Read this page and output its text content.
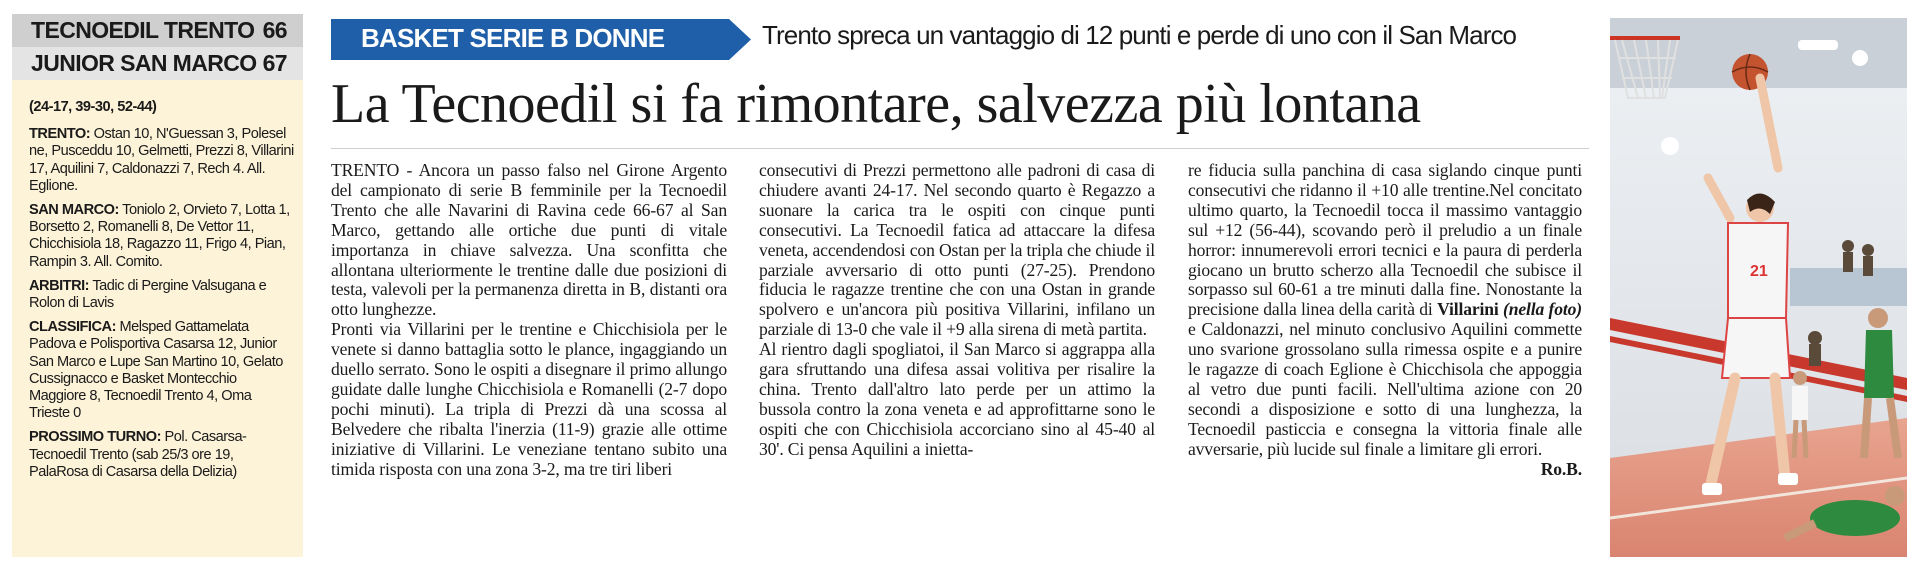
TECNOEDIL TRENTO 66
JUNIOR SAN MARCO 67

(24-17, 39-30, 52-44)

TRENTO: Ostan 10, N'Guessan 3, Polesel ne, Pusceddu 10, Gelmetti, Prezzi 8, Villarini 17, Aquilini 7, Caldonazzi 7, Rech 4. All. Eglione.

SAN MARCO: Toniolo 2, Orvieto 7, Lotta 1, Borsetto 2, Romanelli 8, De Vettor 11, Chicchisiola 18, Ragazzo 11, Frigo 4, Pian, Rampin 3. All. Comito.

ARBITRI: Tadic di Pergine Valsugana e Rolon di Lavis

CLASSIFICA: Melsped Gattamelata Padova e Polisportiva Casarsa 12, Junior San Marco e Lupe San Martino 10, Gelato Cussignacco e Basket Montecchio Maggiore 8, Tecnoedil Trento 4, Oma Trieste 0

PROSSIMO TURNO: Pol. Casarsa-Tecnoedil Trento (sab 25/3 ore 19, PalaRosa di Casarsa della Delizia)

BASKET SERIE B DONNE	Trento spreca un vantaggio di 12 punti e perde di uno con il San Marco
La Tecnoedil si fa rimontare, salvezza più lontana

TRENTO - Ancora un passo falso nel Girone Argento del campionato di serie B femminile per la Tecnoedil Trento che alle Navarini di Ravina cede 66-67 al San Marco, gettando alle ortiche due punti di vitale importanza in chiave salvezza. Una sconfitta che allontana ulteriormente le trentine dalle due posizioni di testa, valevoli per la permanenza diretta in B, distanti ora otto lunghezze.

Pronti via Villarini per le trentine e Chicchisiola per le venete si danno battaglia sotto le plance, ingaggiando un duello serrato. Sono le ospiti a disegnare il primo allungo guidate dalle lunghe Chicchisiola e Romanelli (2-7 dopo pochi minuti). La tripla di Prezzi dà una scossa al Belvedere che ribalta l'inerzia (11-9) grazie alle ottime iniziative di Villarini. Le veneziane tentano subito una timida risposta con una zona 3-2, ma tre tiri liberi

consecutivi di Prezzi permettono alle padroni di casa di chiudere avanti 24-17. Nel secondo quarto è Regazzo a suonare la carica tra le ospiti con cinque punti consecutivi. La Tecnoedil fatica ad attaccare la difesa veneta, accendendosi con Ostan per la tripla che chiude il parziale avversario di otto punti (27-25). Prendono fiducia le ragazze trentine che con una Ostan in grande spolvero e un'ancora più positiva Villarini, infilano un parziale di 13-0 che vale il +9 alla sirena di metà partita.

Al rientro dagli spogliatoi, il San Marco si aggrappa alla gara sfruttando una difesa assai volitiva per risalire la china. Trento dall'altro lato perde per un attimo la bussola contro la zona veneta e ad approfittarne sono le ospiti che con Chicchisiola accorciano sino al 45-40 al 30'. Ci pensa Aquilini a iniettа-

re fiducia sulla panchina di casa siglando cinque punti consecutivi che ridanno il +10 alle trentine.Nel concitato ultimo quarto, la Tecnoedil tocca il massimo vantaggio sul +12 (56-44), scovando però il preludio a un finale horror: innumerevoli errori tecnici e la paura di perderla giocano un brutto scherzo alla Tecnoedil che subisce il sorpasso sul 60-61 a tre minuti dalla fine. Nonostante la precisione dalla linea della carità di Villarini (nella foto) e Caldonazzi, nel minuto conclusivo Aquilini commette uno svarione grossolano sulla rimessa ospite e a punire le ragazze di coach Eglione è Chicchisola che appoggia al vetro due punti facili. Nell'ultima azione con 20 secondi a disposizione e sotto di una lunghezza, la Tecnoedil pasticcia e consegna la vittoria finale alle avversarie, più lucide sul finale a limitare gli errori.
Ro.B.

21
